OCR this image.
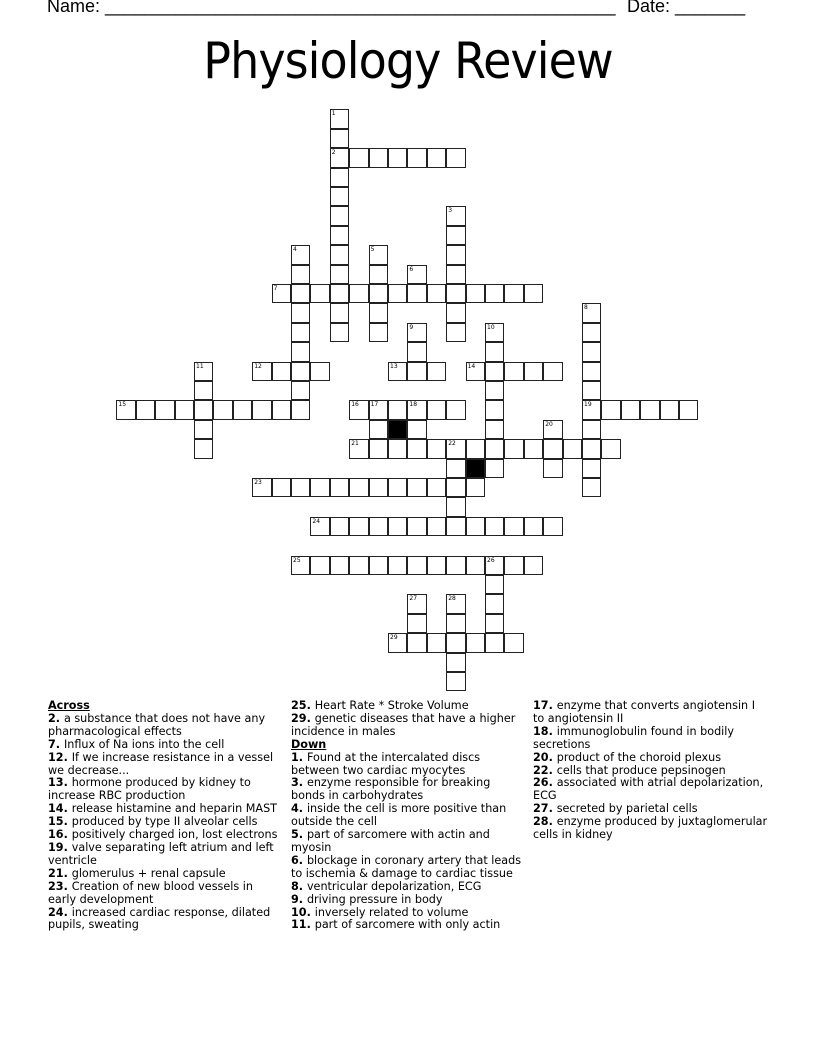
Name: ___________________________________________________ Date: _______
Physiology Review
1
2
3
4	5
6
7
8
19
9	10
11	12	13	14
15	16 17	18
20
21	22
23
24
25	26
27	28
29
Across
2. a substance that does not have any pharmacological effects
7. Influx of Na ions into the cell
12. If we increase resistance in a vessel we decrease...
13. hormone produced by kidney to increase RBC production
14. release histamine and heparin MAST
15. produced by type II alveolar cells
16. positively charged ion, lost electrons
19. valve separating left atrium and left ventricle
21. glomerulus + renal capsule
23. Creation of new blood vessels in early development
24. increased cardiac response, dilated pupils, sweating
25. Heart Rate * Stroke Volume
29. genetic diseases that have a higher incidence in males
Down
1. Found at the intercalated discs between two cardiac myocytes
3. enzyme responsible for breaking bonds in carbohydrates
4. inside the cell is more positive than outside the cell
5. part of sarcomere with actin and myosin
6. blockage in coronary artery that leads to ischemia & damage to cardiac tissue
8. ventricular depolarization, ECG
9. driving pressure in body
10. inversely related to volume
11. part of sarcomere with only actin
17. enzyme that converts angiotensin I to angiotensin II
18. immunoglobulin found in bodily secretions
20. product of the choroid plexus
22. cells that produce pepsinogen
26. associated with atrial depolarization, ECG
27. secreted by parietal cells
28. enzyme produced by juxtaglomerular cells in kidney
